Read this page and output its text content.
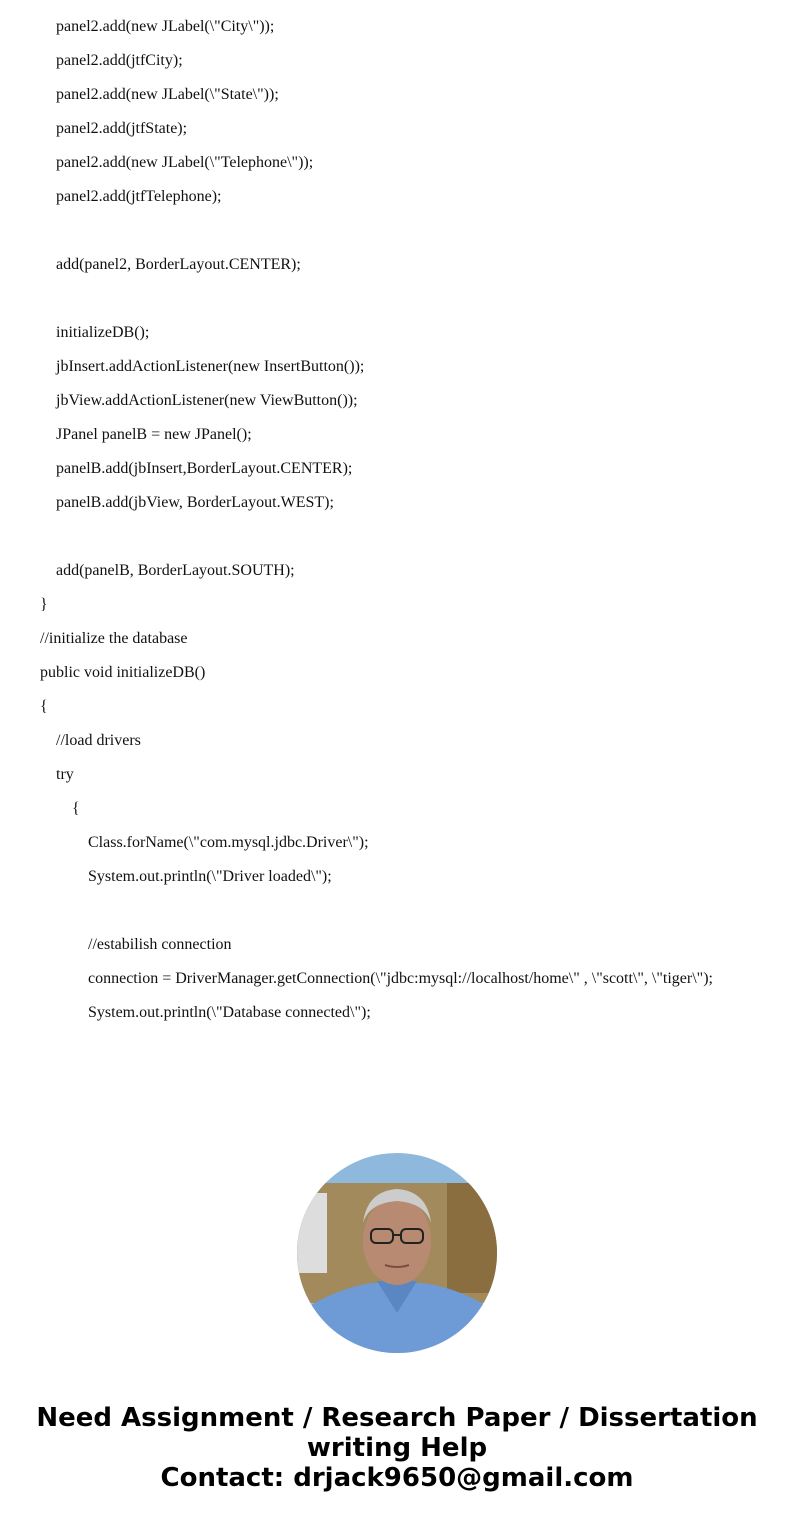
panel2.add(new JLabel(\"City\"));
panel2.add(jtfCity);
panel2.add(new JLabel(\"State\"));
panel2.add(jtfState);
panel2.add(new JLabel(\"Telephone\"));
panel2.add(jtfTelephone);
add(panel2, BorderLayout.CENTER);
initializeDB();
jbInsert.addActionListener(new InsertButton());
jbView.addActionListener(new ViewButton());
JPanel panelB = new JPanel();
panelB.add(jbInsert,BorderLayout.CENTER);
panelB.add(jbView, BorderLayout.WEST);
add(panelB, BorderLayout.SOUTH);
}
//initialize the database
public void initializeDB()
{
//load drivers
try
{
Class.forName(\"com.mysql.jdbc.Driver\");
System.out.println(\"Driver loaded\");
//estabilish connection
connection = DriverManager.getConnection(\"jdbc:mysql://localhost/home\" , \"scott\", \"tiger\");
System.out.println(\"Database connected\");
Need Assignment / Research Paper / Dissertation
writing Help
Contact: drjack9650@gmail.com
